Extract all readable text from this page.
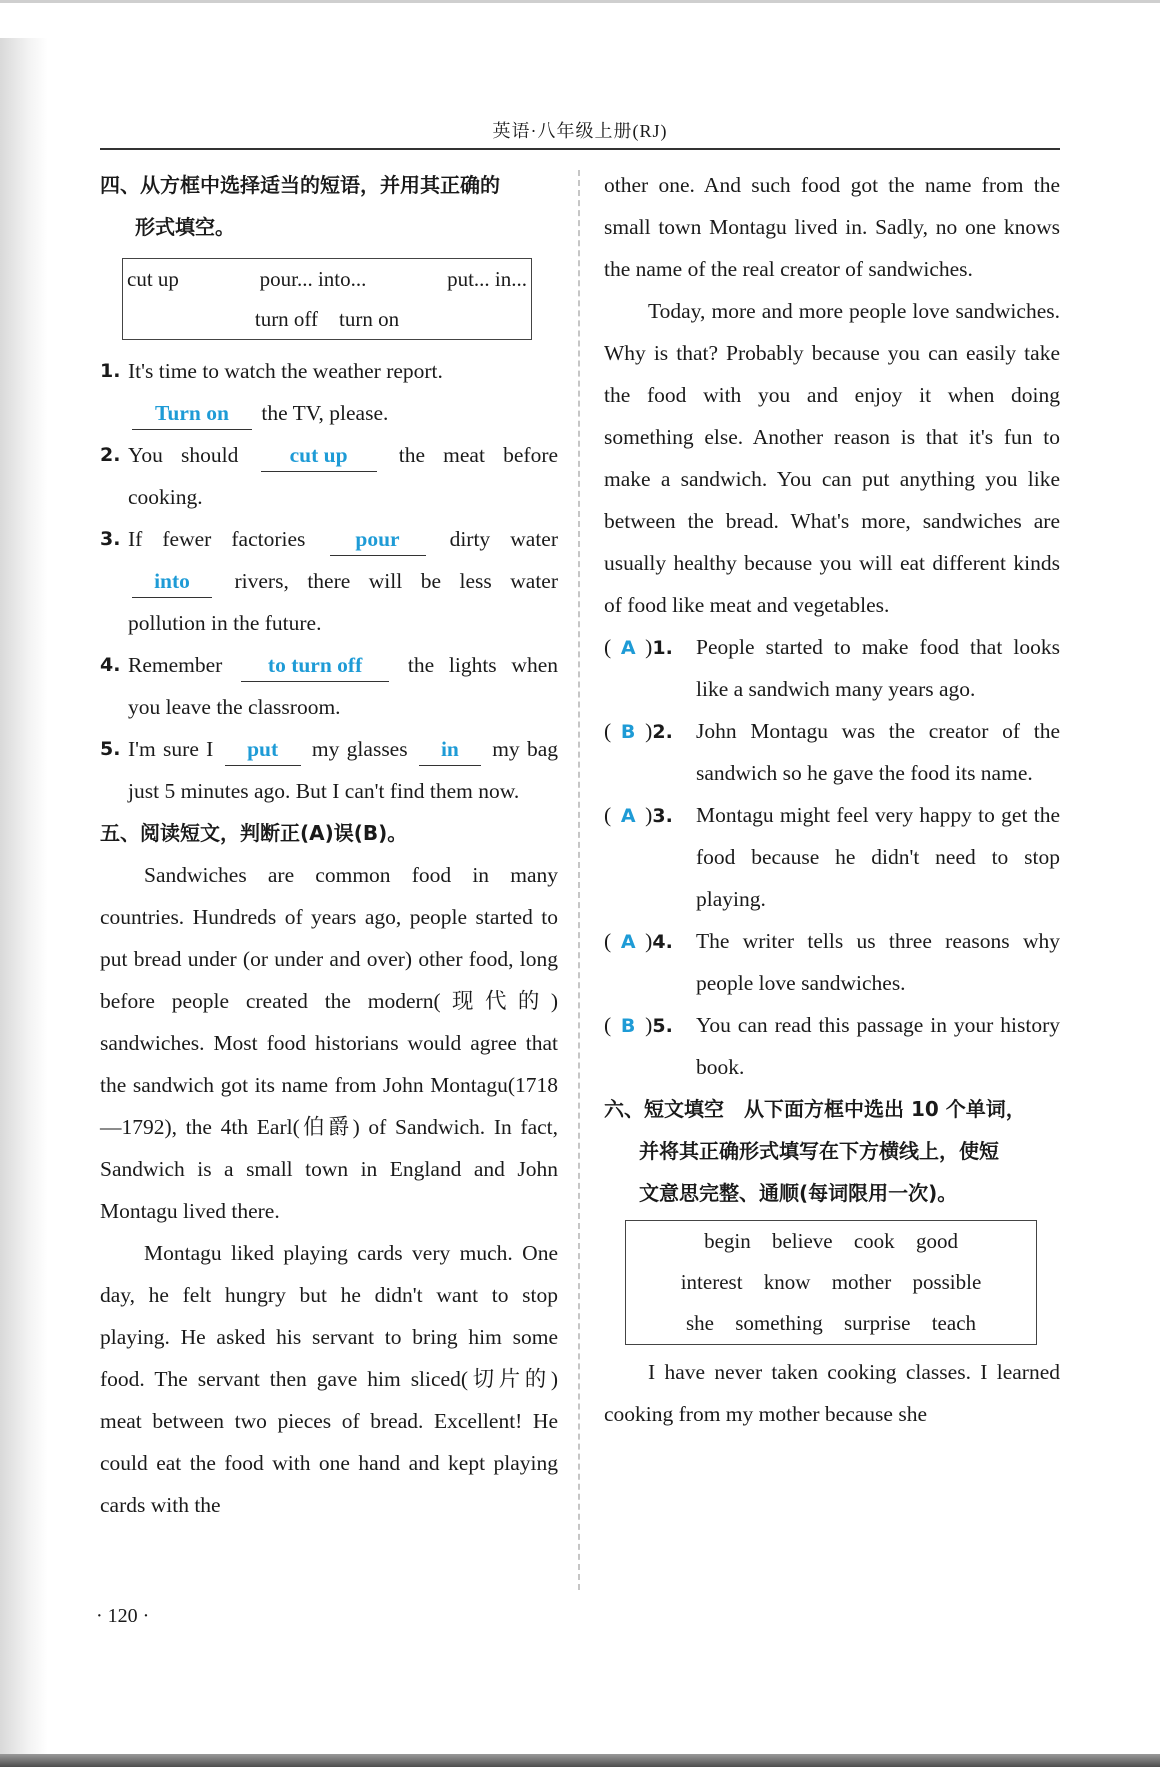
英语·八年级上册(RJ)
四、从方框中选择适当的短语，并用其正确的
形式填空。
cut up	pour... into...	put... in...
turn off turn on
1. It's time to watch the weather report.
Turn on the TV, please.
2. You should cut up the meat before cooking.
3. If fewer factories pour dirty water into rivers, there will be less water pollution in the future.
4. Remember to turn off the lights when you leave the classroom.
5. I'm sure I put my glasses in my bag just 5 minutes ago. But I can't find them now.
五、阅读短文，判断正(A)误(B)。
Sandwiches are common food in many countries. Hundreds of years ago, people started to put bread under (or under and over) other food, long before people created the modern(现代的) sandwiches. Most food historians would agree that the sandwich got its name from John Montagu(1718—1792), the 4th Earl(伯爵) of Sandwich. In fact, Sandwich is a small town in England and John Montagu lived there.
Montagu liked playing cards very much. One day, he felt hungry but he didn't want to stop playing. He asked his servant to bring him some food. The servant then gave him sliced(切片的) meat between two pieces of bread. Excellent! He could eat the food with one hand and kept playing cards with the
other one. And such food got the name from the small town Montagu lived in. Sadly, no one knows the name of the real creator of sandwiches.
Today, more and more people love sandwiches. Why is that? Probably because you can easily take the food with you and enjoy it when doing something else. Another reason is that it's fun to make a sandwich. You can put anything you like between the bread. What's more, sandwiches are usually healthy because you will eat different kinds of food like meat and vegetables.
( A )1. People started to make food that looks like a sandwich many years ago.
( B )2. John Montagu was the creator of the sandwich so he gave the food its name.
( A )3. Montagu might feel very happy to get the food because he didn't need to stop playing.
( A )4. The writer tells us three reasons why people love sandwiches.
( B )5. You can read this passage in your history book.
六、短文填空　从下面方框中选出 10 个单词，
并将其正确形式填写在下方横线上，使短
文意思完整、通顺(每词限用一次)。
begin believe cook good
interest know mother possible
she something surprise teach
I have never taken cooking classes. I learned cooking from my mother because she
· 120 ·
